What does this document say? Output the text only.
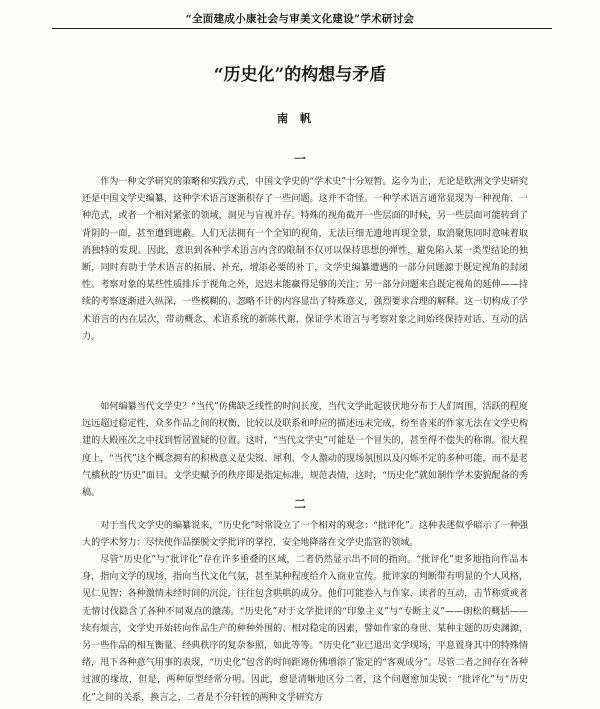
“全面建成小康社会与审美文化建设”学术研讨会
“历史化”的构想与矛盾
南帆
一

作为一种文学研究的策略和实践方式，中国文学史的“学术史”十分短暂。迄今为止，无论是欧洲文学史研究还是中国文学史编纂，这种学术语言逐渐积存了一些问题。这并不奇怪。一种学术语言通常显现为一种视角、一种范式，或者一个相对紧张的领域，洞见与盲视并存。特殊的视角截开一些层面的时候，另一些层面可能转到了背阴的一面，甚至遭到遮蔽。人们无法拥有一个全知的视角，无法巨细无遗地再现全景，取消聚焦同时意味着取消独特的发现。因此，意识到各种学术语言内含的限制不仅可以保持思想的弹性，避免陷入某一类型结论的独断，同时有助于学术语言的拓展、补充，增添必要的补丁，文学史编纂遭遇的一部分问题源于既定视角的封闭性。考察对象的某些性质排斥于视角之外，迟迟未能赢得足够的关注；另一部分问题来自既定视角的延伸——持续的考察逐渐进入纵深，一些模糊的、忽略不计的内容显出了特殊意义，强烈要求合理的解释。这一切构成了学术语言的内在层次，带动概念、术语系统的新陈代谢，保证学术语言与考察对象之间始终保持对话、互动的活力。

如何编纂当代文学史？“当代”仿佛缺乏线性的时间长度，当代文学此起彼伏地分布于人们周围，活跃的程度远远超过稳定性，众多作品之间的权衡、比较以及联系和呼应的描述远未完成，纷至沓来的作家无法在文学史构建的大殿座次之中找到暂居置疑的位置。这时，“当代文学史”可能是一个冒失的，甚至得不偿失的称谓。很大程度上，“当代”这个概念拥有的积极意义是尖锐、犀利、令人激动的现场氛围以及闪烁不定的多种可能，而不是老气横秋的“历史”面目。文学史赋予的秩序即是指定标准，规范表情，这时，“历史化”就如制作学术姿貌配备的秀稿。

二

对于当代文学史的编纂说来，“历史化”时常设立了一个相对的观念：“批评化”。这种表述似乎暗示了一种强大的学术努力：尽快使作品摆脱文学批评的掌控，安全地降落在文学史监管的领域。

尽管“历史化”与“批评化”存在许多重叠的区域，二者仍然显示出不同的指向。“批评化”更多地指向作品本身，指向文学的现场，指向当代文化气氛，甚至某种程度给介入商业宣传。批评家的判断带有明显的个人风格，见仁见智；各种激情未经时间的沉淀，往往包含哄哄的成分。他们可能卷入与作家、读者的互动，击节称赏或者无情讨伐隐含了各种不同观点的激荡。“历史化”对于文学批评的“印象主义”与“专断主义”——朗松的概括——续有烦言，文学史开始转向作品生产的种种外围的、相对稳定的因素，譬如作家的身世、某种主题的历史渊源，另一些作品的相互衡量、经典秩序的复杂参照，如此等等。“历史化”业已退出文学现场，平息置身其中的特殊情绪，甩下各种意气用事的表现，“历史化”包含的时间距离仿佛增添了鉴定的“客观成分”。尽管二者之间存在各种过渡的缘故，但是，两种原型经常分明。因此，愈是清晰地区分二者，这个问题愈加尖锐：“批评化”与“历史化”之间的关系，换言之，二者是不分轩轾的两种文学研究方
